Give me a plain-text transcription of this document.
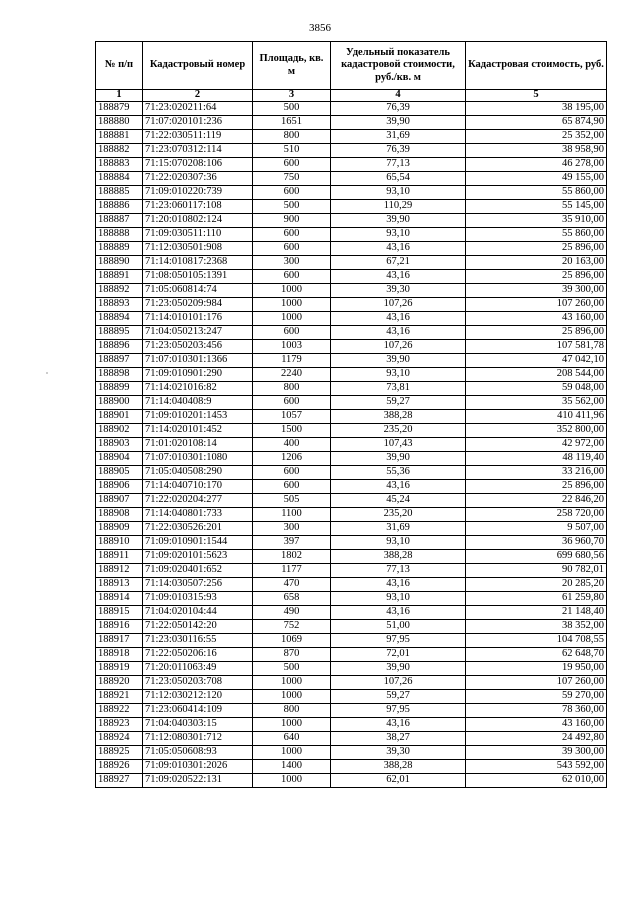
3856
№ п/п	Кадастровый номер	Площадь, кв. м	Удельный показатель кадастровой стоимости, руб./кв. м	Кадастровая стоимость, руб.
1	2	3	4	5
188879	71:23:020211:64	500	76,39	38 195,00
188880	71:07:020101:236	1651	39,90	65 874,90
188881	71:22:030511:119	800	31,69	25 352,00
188882	71:23:070312:114	510	76,39	38 958,90
188883	71:15:070208:106	600	77,13	46 278,00
188884	71:22:020307:36	750	65,54	49 155,00
188885	71:09:010220:739	600	93,10	55 860,00
188886	71:23:060117:108	500	110,29	55 145,00
188887	71:20:010802:124	900	39,90	35 910,00
188888	71:09:030511:110	600	93,10	55 860,00
188889	71:12:030501:908	600	43,16	25 896,00
188890	71:14:010817:2368	300	67,21	20 163,00
188891	71:08:050105:1391	600	43,16	25 896,00
188892	71:05:060814:74	1000	39,30	39 300,00
188893	71:23:050209:984	1000	107,26	107 260,00
188894	71:14:010101:176	1000	43,16	43 160,00
188895	71:04:050213:247	600	43,16	25 896,00
188896	71:23:050203:456	1003	107,26	107 581,78
188897	71:07:010301:1366	1179	39,90	47 042,10
188898	71:09:010901:290	2240	93,10	208 544,00
188899	71:14:021016:82	800	73,81	59 048,00
188900	71:14:040408:9	600	59,27	35 562,00
188901	71:09:010201:1453	1057	388,28	410 411,96
188902	71:14:020101:452	1500	235,20	352 800,00
188903	71:01:020108:14	400	107,43	42 972,00
188904	71:07:010301:1080	1206	39,90	48 119,40
188905	71:05:040508:290	600	55,36	33 216,00
188906	71:14:040710:170	600	43,16	25 896,00
188907	71:22:020204:277	505	45,24	22 846,20
188908	71:14:040801:733	1100	235,20	258 720,00
188909	71:22:030526:201	300	31,69	9 507,00
188910	71:09:010901:1544	397	93,10	36 960,70
188911	71:09:020101:5623	1802	388,28	699 680,56
188912	71:09:020401:652	1177	77,13	90 782,01
188913	71:14:030507:256	470	43,16	20 285,20
188914	71:09:010315:93	658	93,10	61 259,80
188915	71:04:020104:44	490	43,16	21 148,40
188916	71:22:050142:20	752	51,00	38 352,00
188917	71:23:030116:55	1069	97,95	104 708,55
188918	71:22:050206:16	870	72,01	62 648,70
188919	71:20:011063:49	500	39,90	19 950,00
188920	71:23:050203:708	1000	107,26	107 260,00
188921	71:12:030212:120	1000	59,27	59 270,00
188922	71:23:060414:109	800	97,95	78 360,00
188923	71:04:040303:15	1000	43,16	43 160,00
188924	71:12:080301:712	640	38,27	24 492,80
188925	71:05:050608:93	1000	39,30	39 300,00
188926	71:09:010301:2026	1400	388,28	543 592,00
188927	71:09:020522:131	1000	62,01	62 010,00
